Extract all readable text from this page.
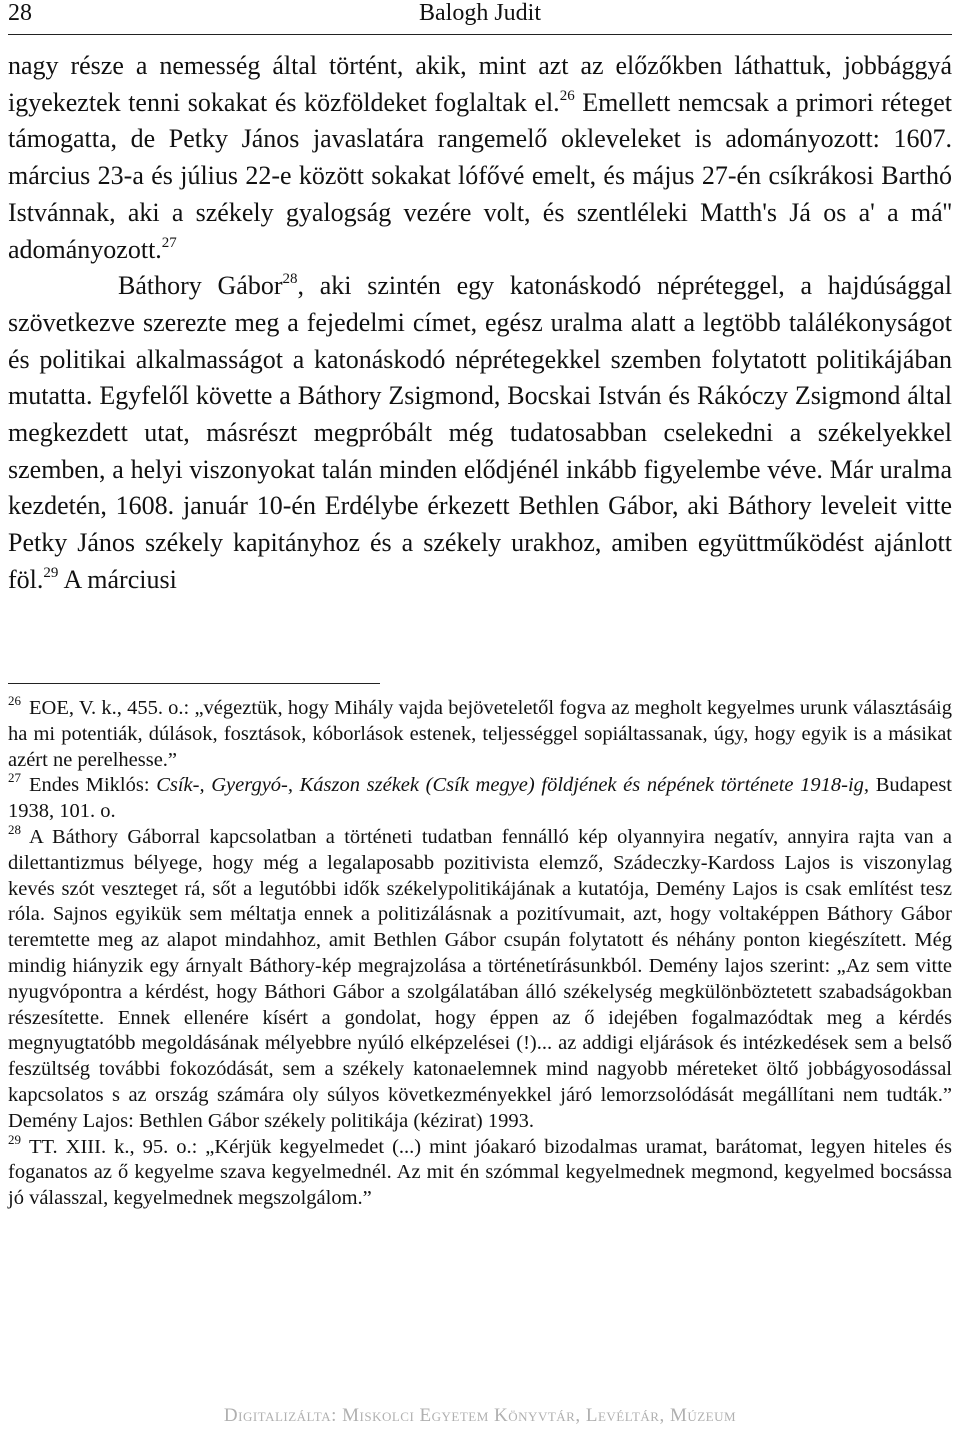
28	Balogh Judit

nagy része a nemesség által történt, akik, mint azt az előzőkben láthattuk, jobbággyá igyekeztek tenni sokakat és közföldeket foglaltak el.$^{26}$ Emellett nemcsak a primori réteget támogatta, de Petky János javaslatára rangemelő okleveleket is adományozott: 1607. március 23-a és július 22-e között sokakat lófővé emelt, és május 27-én csíkrákosi Barthó Istvánnak, aki a székely gyalogság vezére volt, és szentléleki Matth's Já os a' a má'' adományozott.$^{27}$

Báthory Gábor$^{28}$, aki szintén egy katonáskodó népréteggel, a hajdúsággal szövetkezve szerezte meg a fejedelmi címet, egész uralma alatt a legtöbb találékonyságot és politikai alkalmasságot a katonáskodó néprétegekkel szemben folytatott politikájában mutatta. Egyfelől követte a Báthory Zsigmond, Bocskai István és Rákóczy Zsigmond által megkezdett utat, másrészt megpróbált még tudatosabban cselekedni a székelyekkel szemben, a helyi viszonyokat talán minden elődjénél inkább figyelembe véve. Már uralma kezdetén, 1608. január 10-én Erdélybe érkezett Bethlen Gábor, aki Báthory leveleit vitte Petky János székely kapitányhoz és a székely urakhoz, amiben együttműködést ajánlott föl.$^{29}$ A márciusi

$^{26}$ EOE, V. k., 455. o.: „végeztük, hogy Mihály vajda bejöveteletől fogva az megholt kegyelmes urunk választásáig ha mi potentiák, dúlások, fosztások, kóborlások estenek, teljességgel sopiáltassanak, úgy, hogy egyik is a másikat azért ne perelhesse.”

$^{27}$ Endes Miklós: Csík-, Gyergyó-, Kászon székek (Csík megye) földjének és népének története 1918-ig, Budapest 1938, 101. o.

$^{28}$ A Báthory Gáborral kapcsolatban a történeti tudatban fennálló kép olyannyira negatív, annyira rajta van a dilettantizmus bélyege, hogy még a legalaposabb pozitivista elemző, Szádeczky-Kardoss Lajos is viszonylag kevés szót veszteget rá, sőt a legutóbbi idők székelypolitikájának a kutatója, Demény Lajos is csak említést tesz róla. Sajnos egyikük sem méltatja ennek a politizálásnak a pozitívumait, azt, hogy voltaképpen Báthory Gábor teremtette meg az alapot mindahhoz, amit Bethlen Gábor csupán folytatott és néhány ponton kiegészített. Még mindig hiányzik egy árnyalt Báthory-kép megrajzolása a történetírásunkból. Demény lajos szerint: „Az sem vitte nyugvópontra a kérdést, hogy Báthori Gábor a szolgálatában álló székelység megkülönböztetett szabadságokban részesítette. Ennek ellenére kísért a gondolat, hogy éppen az ő idejében fogalmazódtak meg a kérdés megnyugtatóbb megoldásának mélyebbre nyúló elképzelései (!)... az addigi eljárások és intézkedések sem a belső feszültség további fokozódását, sem a székely katonaelemnek mind nagyobb méreteket öltő jobbágyosodással kapcsolatos s az ország számára oly súlyos következményekkel járó lemorzsolódását megállítani nem tudták.” Demény Lajos: Bethlen Gábor székely politikája (kézirat) 1993.

$^{29}$ TT. XIII. k., 95. o.: „Kérjük kegyelmedet (...) mint jóakaró bizodalmas uramat, barátomat, legyen hiteles és foganatos az ő kegyelme szava kegyelmednél. Az mit én szómmal kegyelmednek megmond, kegyelmed bocsássa jó válasszal, kegyelmednek megszolgálom.”

Digitalizálta: Miskolci Egyetem Könyvtár, Levéltár, Múzeum
